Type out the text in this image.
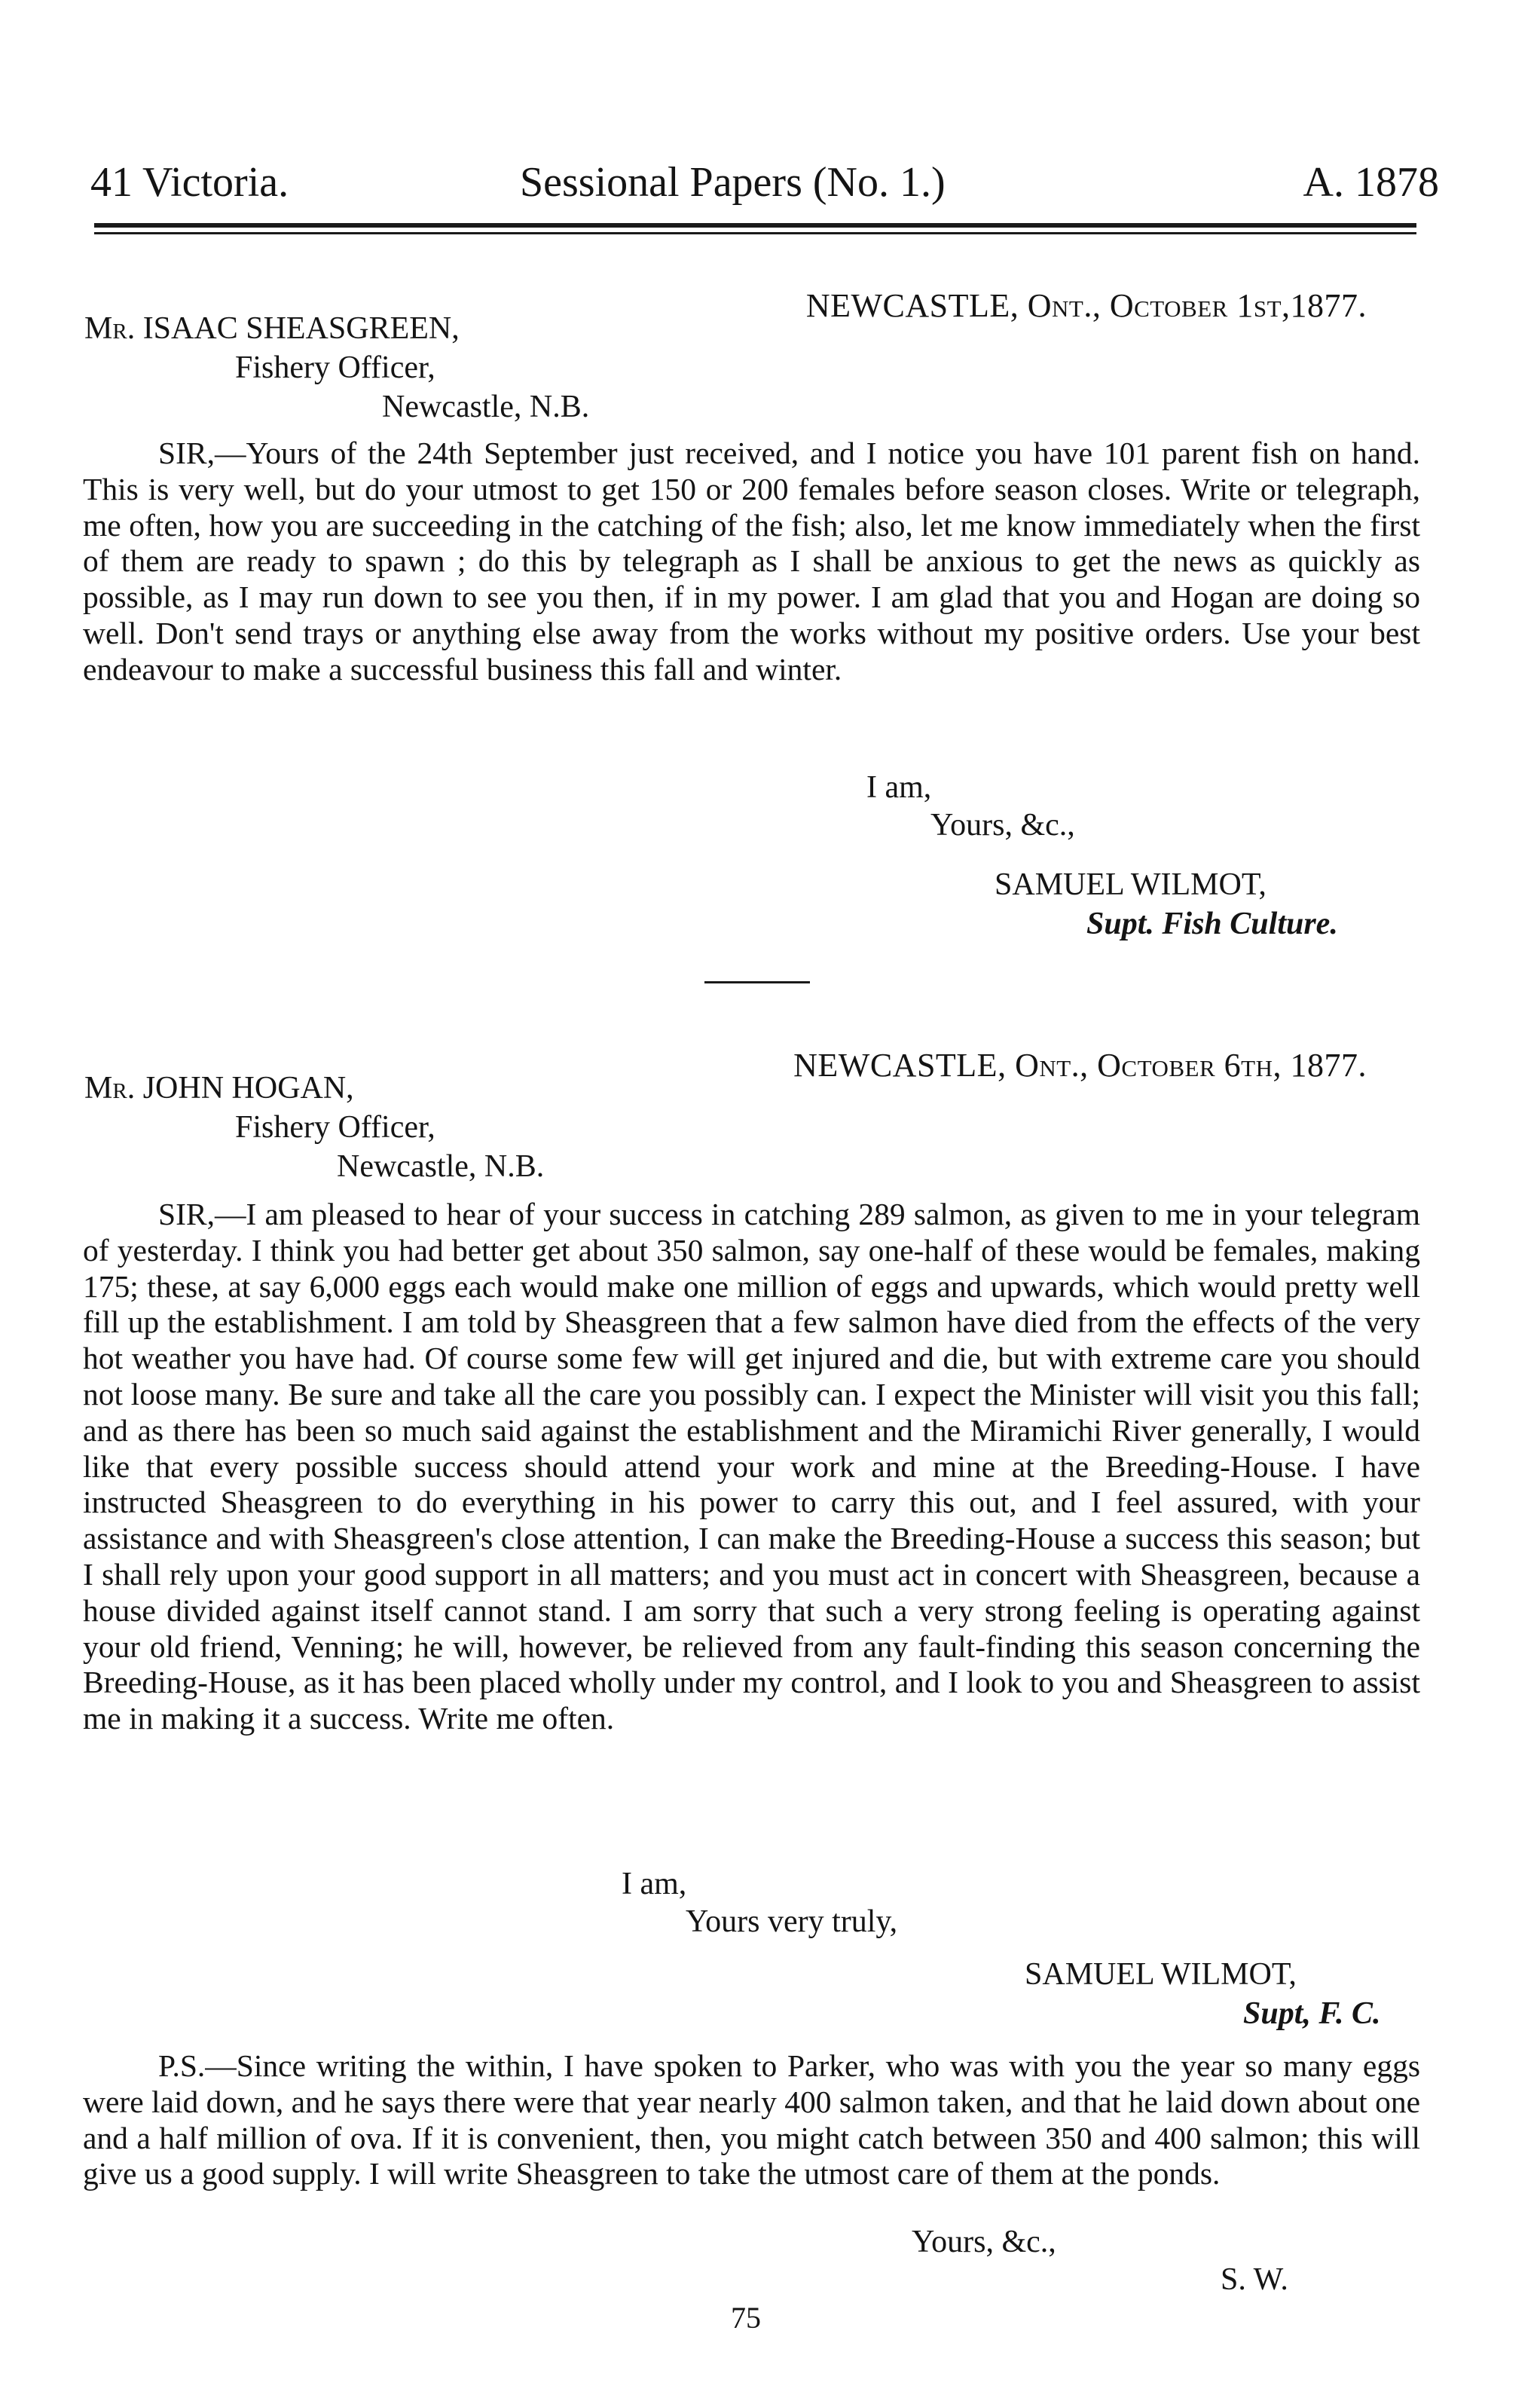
41 Victoria.	Sessional Papers (No. 1.)	A. 1878
NEWCASTLE, Ont., October 1st,1877.
Mr. ISAAC SHEASGREEN,
Fishery Officer,
Newcastle, N.B.

SIR,—Yours of the 24th September just received, and I notice you have 101 parent fish on hand. This is very well, but do your utmost to get 150 or 200 females before season closes. Write or telegraph, me often, how you are succeeding in the catching of the fish; also, let me know immediately when the first of them are ready to spawn ; do this by telegraph as I shall be anxious to get the news as quickly as possible, as I may run down to see you then, if in my power. I am glad that you and Hogan are doing so well. Don't send trays or anything else away from the works without my positive orders. Use your best endeavour to make a successful business this fall and winter.

I am,
Yours, &c.,
SAMUEL WILMOT,
Supt. Fish Culture.
NEWCASTLE, Ont., October 6th, 1877.
Mr. JOHN HOGAN,
Fishery Officer,
Newcastle, N.B.

SIR,—I am pleased to hear of your success in catching 289 salmon, as given to me in your telegram of yesterday. I think you had better get about 350 salmon, say one-half of these would be females, making 175; these, at say 6,000 eggs each would make one million of eggs and upwards, which would pretty well fill up the establishment. I am told by Sheasgreen that a few salmon have died from the effects of the very hot weather you have had. Of course some few will get injured and die, but with extreme care you should not loose many. Be sure and take all the care you possibly can. I expect the Minister will visit you this fall; and as there has been so much said against the establishment and the Miramichi River generally, I would like that every possible success should attend your work and mine at the Breeding-House. I have instructed Sheasgreen to do everything in his power to carry this out, and I feel assured, with your assistance and with Sheasgreen's close attention, I can make the Breeding-House a success this season; but I shall rely upon your good support in all matters; and you must act in concert with Sheasgreen, because a house divided against itself cannot stand. I am sorry that such a very strong feeling is operating against your old friend, Venning; he will, however, be relieved from any fault-finding this season concerning the Breeding-House, as it has been placed wholly under my control, and I look to you and Sheasgreen to assist me in making it a success. Write me often.

I am,
Yours very truly,
SAMUEL WILMOT,
Supt, F. C.

P.S.—Since writing the within, I have spoken to Parker, who was with you the year so many eggs were laid down, and he says there were that year nearly 400 salmon taken, and that he laid down about one and a half million of ova. If it is convenient, then, you might catch between 350 and 400 salmon; this will give us a good supply. I will write Sheasgreen to take the utmost care of them at the ponds.

Yours, &c.,
S. W.
75
